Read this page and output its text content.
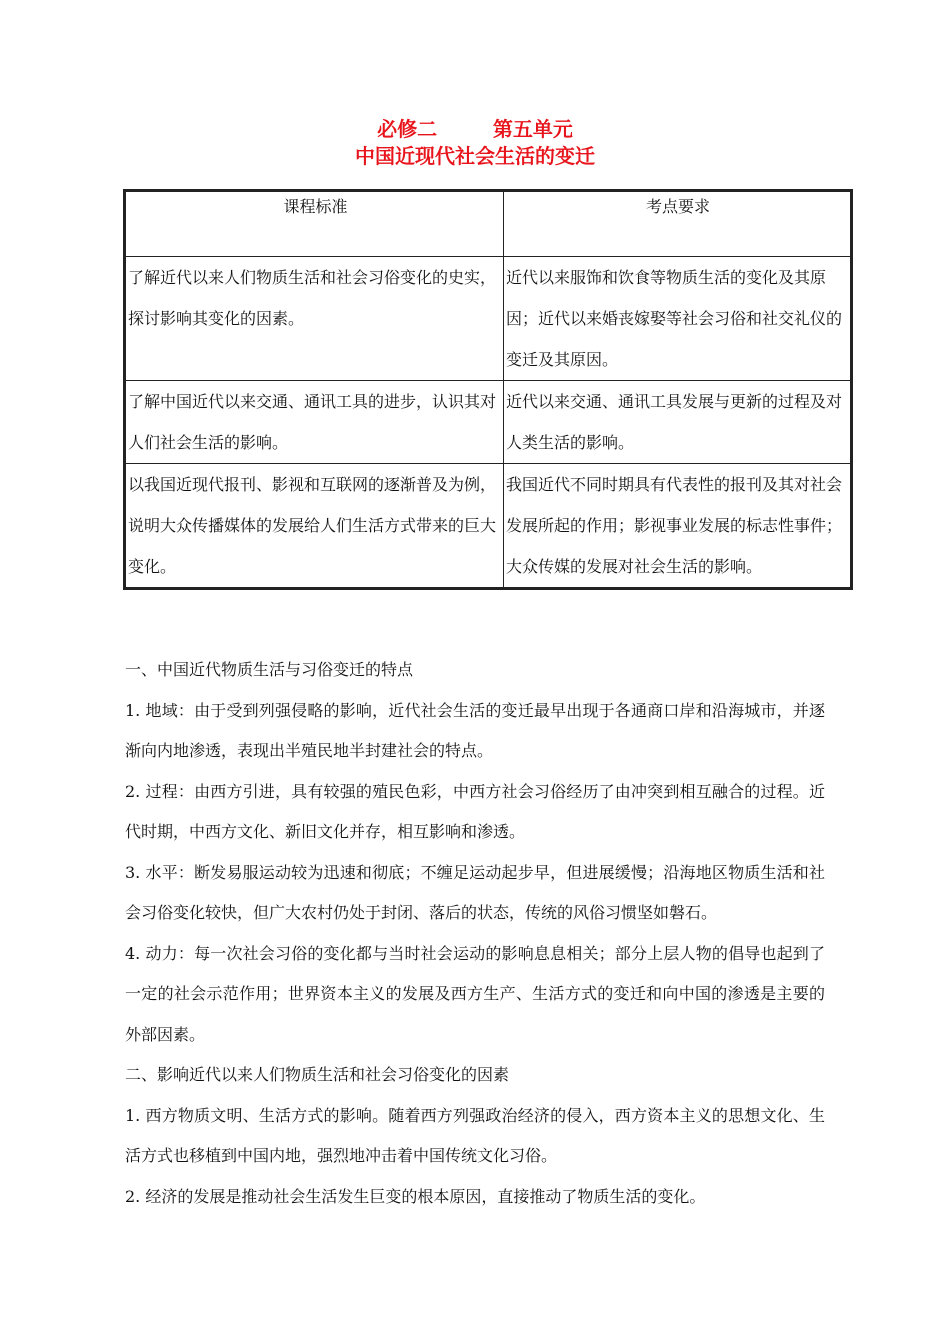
必修二        第五单元
中国近现代社会生活的变迁
课程标准	考点要求
了解近代以来人们物质生活和社会习俗变化的史实，探讨影响其变化的因素。	近代以来服饰和饮食等物质生活的变化及其原因；近代以来婚丧嫁娶等社会习俗和社交礼仪的变迁及其原因。
了解中国近代以来交通、通讯工具的进步，认识其对人们社会生活的影响。	近代以来交通、通讯工具发展与更新的过程及对人类生活的影响。
以我国近现代报刊、影视和互联网的逐渐普及为例，说明大众传播媒体的发展给人们生活方式带来的巨大变化。	我国近代不同时期具有代表性的报刊及其对社会发展所起的作用；影视事业发展的标志性事件；大众传媒的发展对社会生活的影响。

一、中国近代物质生活与习俗变迁的特点

1. 地域：由于受到列强侵略的影响，近代社会生活的变迁最早出现于各通商口岸和沿海城市，并逐渐向内地渗透，表现出半殖民地半封建社会的特点。

2. 过程：由西方引进，具有较强的殖民色彩，中西方社会习俗经历了由冲突到相互融合的过程。近代时期，中西方文化、新旧文化并存，相互影响和渗透。

3. 水平：断发易服运动较为迅速和彻底；不缠足运动起步早，但进展缓慢；沿海地区物质生活和社会习俗变化较快，但广大农村仍处于封闭、落后的状态，传统的风俗习惯坚如磐石。

4. 动力：每一次社会习俗的变化都与当时社会运动的影响息息相关；部分上层人物的倡导也起到了一定的社会示范作用；世界资本主义的发展及西方生产、生活方式的变迁和向中国的渗透是主要的外部因素。

二、影响近代以来人们物质生活和社会习俗变化的因素

1. 西方物质文明、生活方式的影响。随着西方列强政治经济的侵入，西方资本主义的思想文化、生活方式也移植到中国内地，强烈地冲击着中国传统文化习俗。

2. 经济的发展是推动社会生活发生巨变的根本原因，直接推动了物质生活的变化。
